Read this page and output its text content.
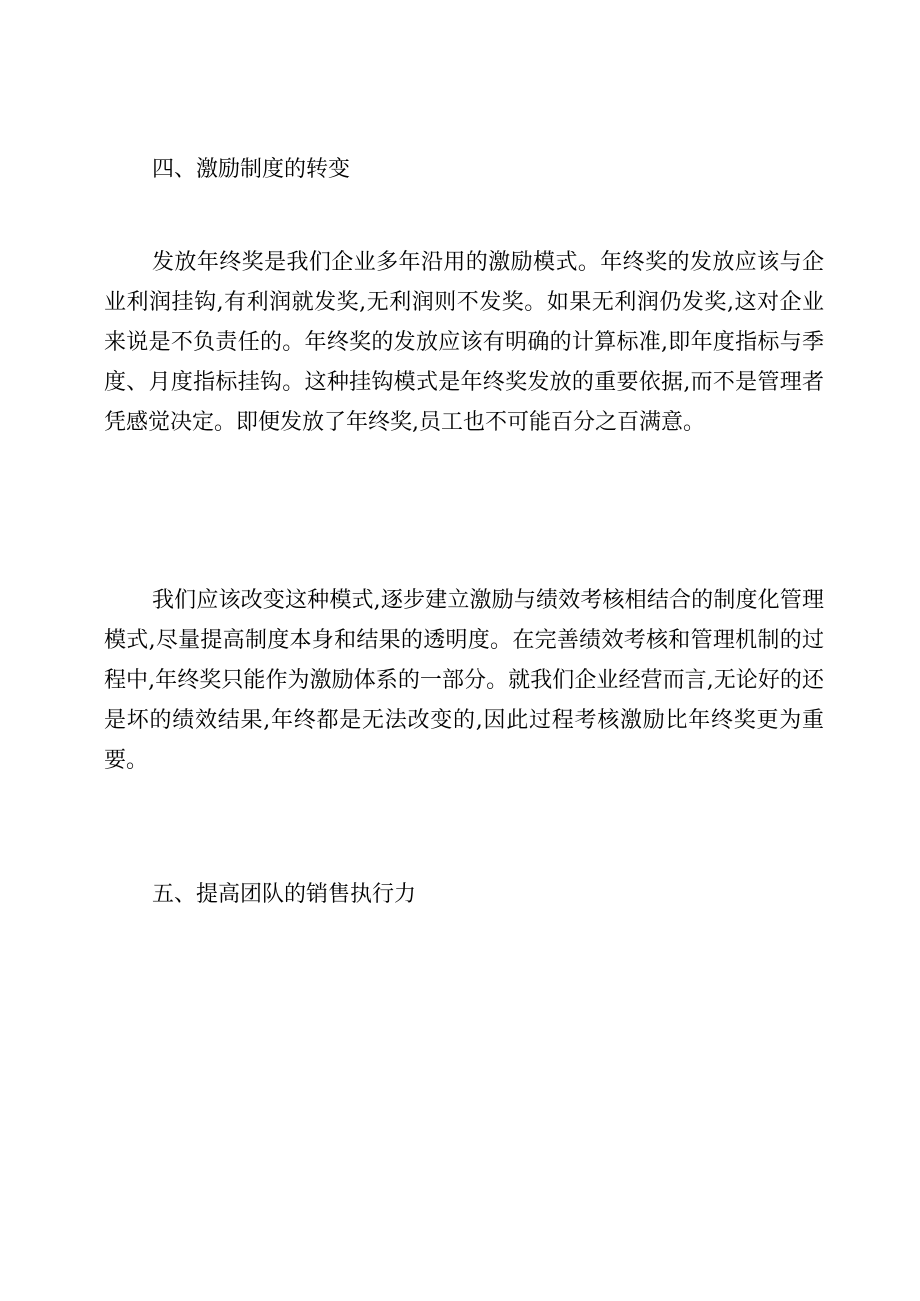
四、激励制度的转变

发放年终奖是我们企业多年沿用的激励模式。年终奖的发放应该与企业利润挂钩,有利润就发奖,无利润则不发奖。如果无利润仍发奖,这对企业来说是不负责任的。年终奖的发放应该有明确的计算标准,即年度指标与季度、月度指标挂钩。这种挂钩模式是年终奖发放的重要依据,而不是管理者凭感觉决定。即便发放了年终奖,员工也不可能百分之百满意。

我们应该改变这种模式,逐步建立激励与绩效考核相结合的制度化管理模式,尽量提高制度本身和结果的透明度。在完善绩效考核和管理机制的过程中,年终奖只能作为激励体系的一部分。就我们企业经营而言,无论好的还是坏的绩效结果,年终都是无法改变的,因此过程考核激励比年终奖更为重要。

五、提高团队的销售执行力
